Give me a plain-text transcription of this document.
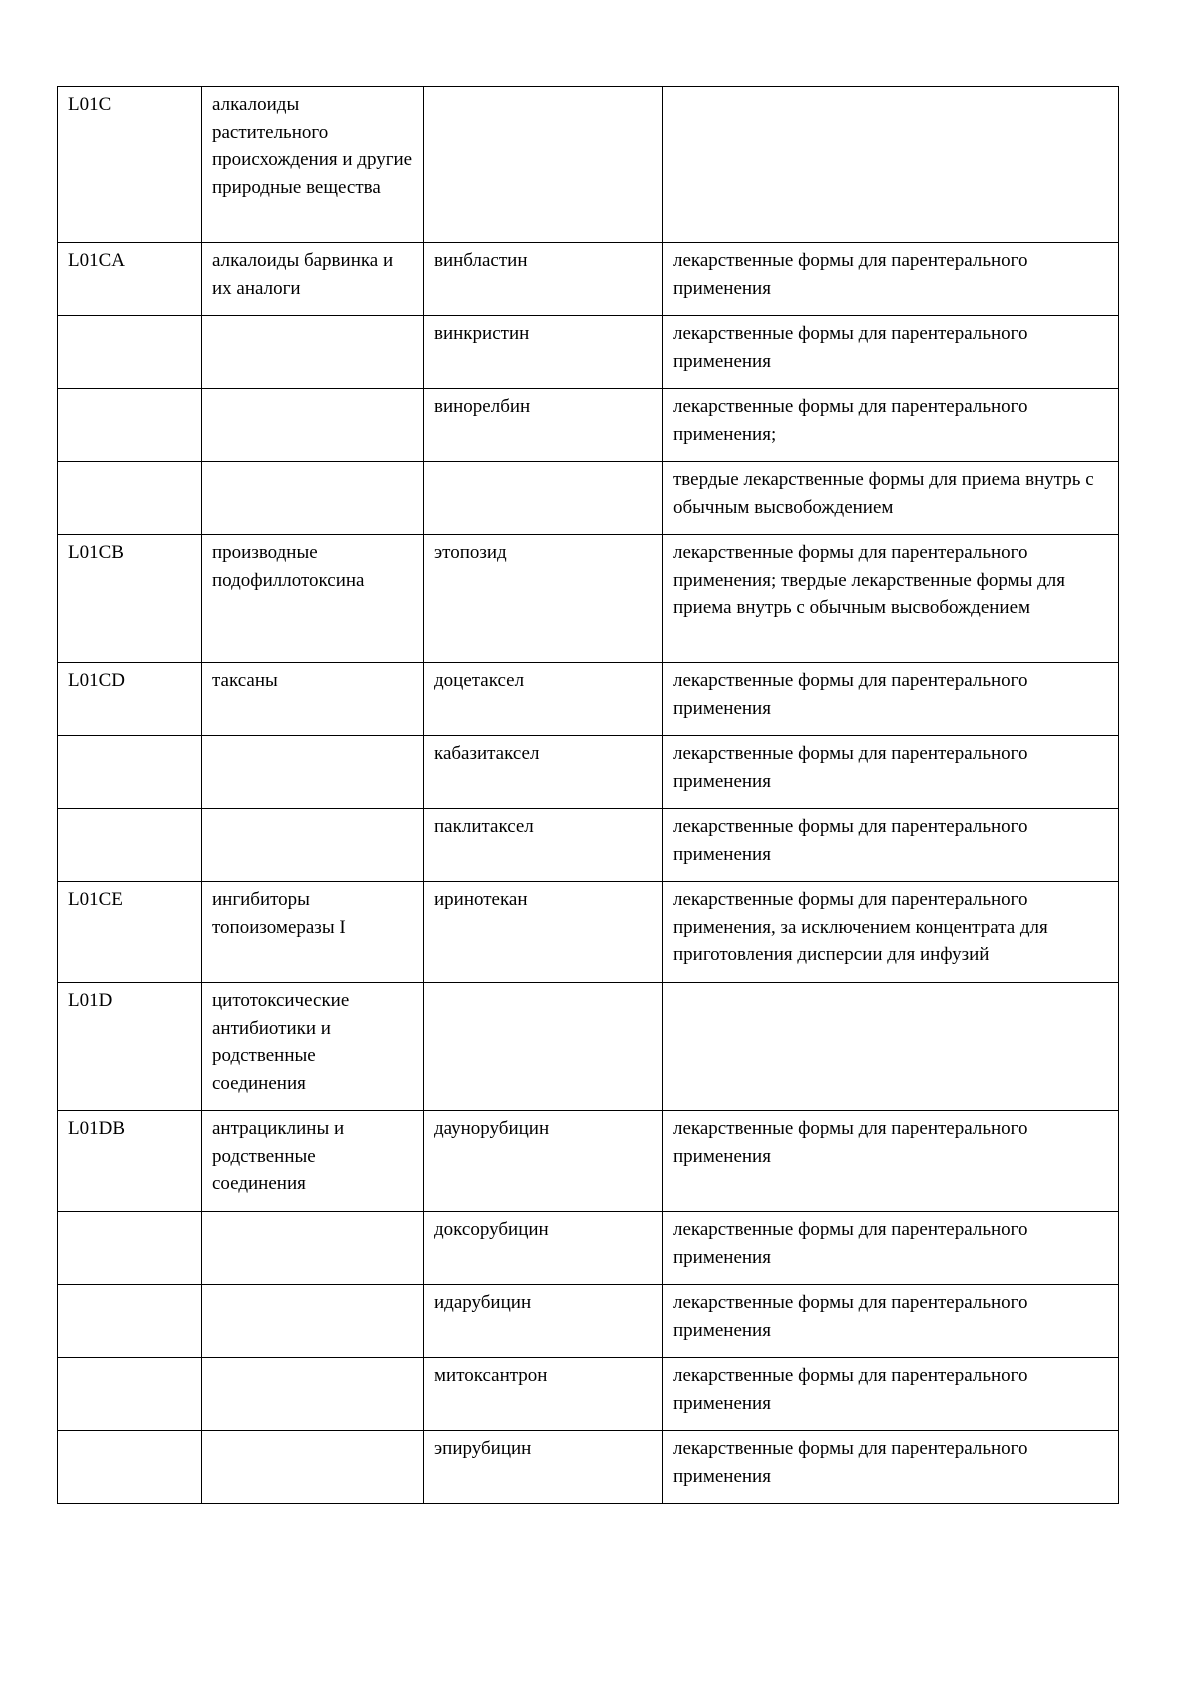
L01C	алкалоиды растительного происхождения и другие природные вещества		
L01CA	алкалоиды барвинка и их аналоги	винбластин	лекарственные формы для парентерального применения
		винкристин	лекарственные формы для парентерального применения
		винорелбин	лекарственные формы для парентерального применения;
			твердые лекарственные формы для приема внутрь с обычным высвобождением
L01CB	производные подофиллотоксина	этопозид	лекарственные формы для парентерального применения; твердые лекарственные формы для приема внутрь с обычным высвобождением
L01CD	таксаны	доцетаксел	лекарственные формы для парентерального применения
		кабазитаксел	лекарственные формы для парентерального применения
		паклитаксел	лекарственные формы для парентерального применения
L01CE	ингибиторы топоизомеразы I	иринотекан	лекарственные формы для парентерального применения, за исключением концентрата для приготовления дисперсии для инфузий
L01D	цитотоксические антибиотики и родственные соединения		
L01DB	антрациклины и родственные соединения	даунорубицин	лекарственные формы для парентерального применения
		доксорубицин	лекарственные формы для парентерального применения
		идарубицин	лекарственные формы для парентерального применения
		митоксантрон	лекарственные формы для парентерального применения
		эпирубицин	лекарственные формы для парентерального применения
